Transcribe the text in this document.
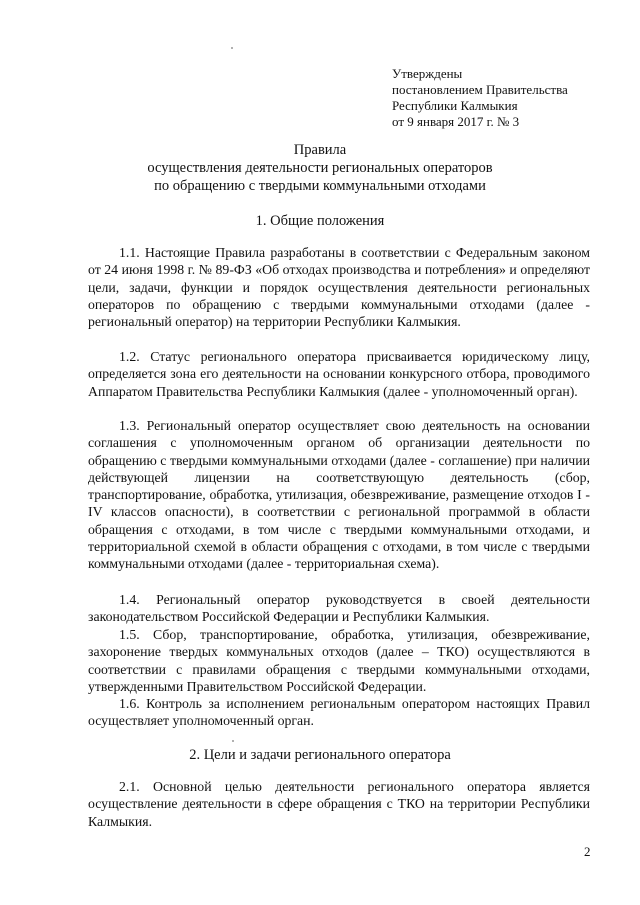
Утверждены
постановлением Правительства
Республики Калмыкия
от 9 января 2017 г. № 3
Правила
осуществления деятельности региональных операторов
по обращению с твердыми коммунальными отходами
1. Общие положения

1.1. Настоящие Правила разработаны в соответствии с Федеральным законом от 24 июня 1998 г. № 89-ФЗ «Об отходах производства и потребления» и определяют цели, задачи, функции и порядок осуществления деятельности региональных операторов по обращению с твердыми коммунальными отходами (далее - региональный оператор) на территории Республики Калмыкия.

1.2. Статус регионального оператора присваивается юридическому лицу, определяется зона его деятельности на основании конкурсного отбора, проводимого Аппаратом Правительства Республики Калмыкия (далее - уполномоченный орган).

1.3. Региональный оператор осуществляет свою деятельность на основании соглашения с уполномоченным органом об организации деятельности по обращению с твердыми коммунальными отходами (далее - соглашение) при наличии действующей лицензии на соответствующую деятельность (сбор, транспортирование, обработка, утилизация, обезвреживание, размещение отходов I - IV классов опасности), в соответствии с региональной программой в области обращения с отходами, в том числе с твердыми коммунальными отходами, и территориальной схемой в области обращения с отходами, в том числе с твердыми коммунальными отходами (далее - территориальная схема).

1.4. Региональный оператор руководствуется в своей деятельности законодательством Российской Федерации и Республики Калмыкия.

1.5. Сбор, транспортирование, обработка, утилизация, обезвреживание, захоронение твердых коммунальных отходов (далее – ТКО) осуществляются в соответствии с правилами обращения с твердыми коммунальными отходами, утвержденными Правительством Российской Федерации.

1.6. Контроль за исполнением региональным оператором настоящих Правил осуществляет уполномоченный орган.

2. Цели и задачи регионального оператора

2.1. Основной целью деятельности регионального оператора является осуществление деятельности в сфере обращения с ТКО на территории Республики Калмыкия.

2
